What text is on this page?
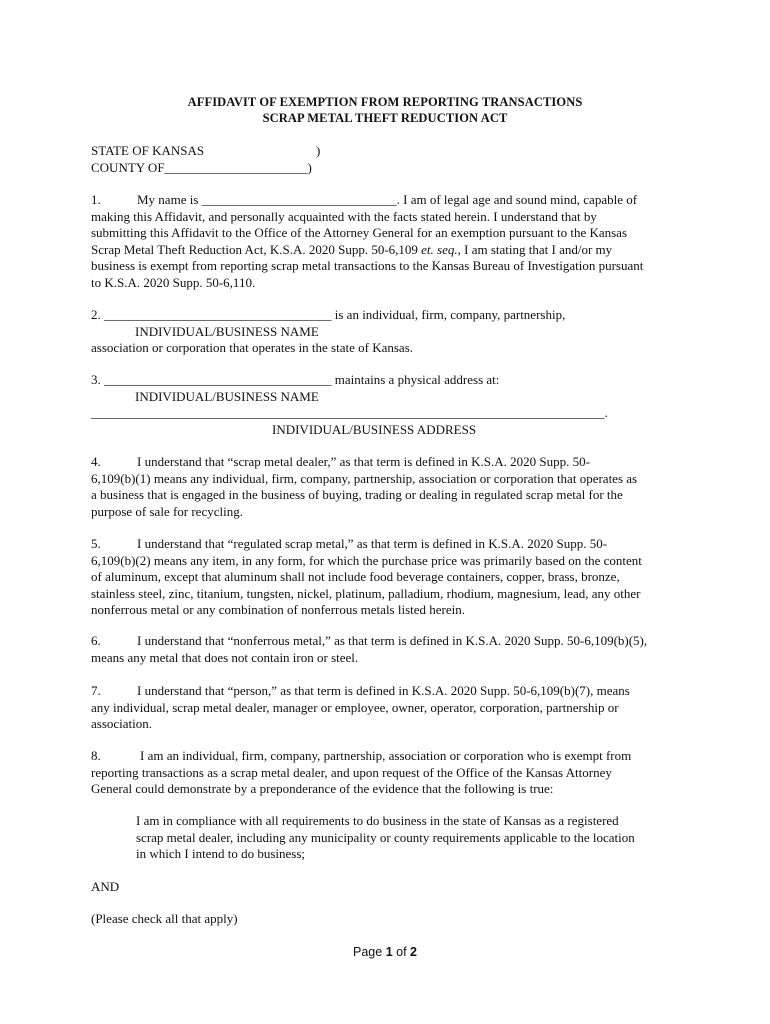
AFFIDAVIT OF EXEMPTION FROM REPORTING TRANSACTIONS
SCRAP METAL THEFT REDUCTION ACT
STATE OF KANSAS	)
COUNTY OF______________________)
1.	My name is ______________________________. I am of legal age and sound mind, capable of
making this Affidavit, and personally acquainted with the facts stated herein. I understand that by
submitting this Affidavit to the Office of the Attorney General for an exemption pursuant to the Kansas
Scrap Metal Theft Reduction Act, K.S.A. 2020 Supp. 50-6,109 et. seq., I am stating that I and/or my
business is exempt from reporting scrap metal transactions to the Kansas Bureau of Investigation pursuant
to K.S.A. 2020 Supp. 50-6,110.
2. ___________________________________ is an individual, firm, company, partnership,
INDIVIDUAL/BUSINESS NAME
association or corporation that operates in the state of Kansas.
3. ___________________________________ maintains a physical address at:
INDIVIDUAL/BUSINESS NAME
_______________________________________________________________________________.
INDIVIDUAL/BUSINESS ADDRESS
4.	I understand that “scrap metal dealer,” as that term is defined in K.S.A. 2020 Supp. 50-
6,109(b)(1) means any individual, firm, company, partnership, association or corporation that operates as
a business that is engaged in the business of buying, trading or dealing in regulated scrap metal for the
purpose of sale for recycling.
5.	I understand that “regulated scrap metal,” as that term is defined in K.S.A. 2020 Supp. 50-
6,109(b)(2) means any item, in any form, for which the purchase price was primarily based on the content
of aluminum, except that aluminum shall not include food beverage containers, copper, brass, bronze,
stainless steel, zinc, titanium, tungsten, nickel, platinum, palladium, rhodium, magnesium, lead, any other
nonferrous metal or any combination of nonferrous metals listed herein.
6.	I understand that “nonferrous metal,” as that term is defined in K.S.A. 2020 Supp. 50-6,109(b)(5),
means any metal that does not contain iron or steel.
7.	I understand that “person,” as that term is defined in K.S.A. 2020 Supp. 50-6,109(b)(7), means
any individual, scrap metal dealer, manager or employee, owner, operator, corporation, partnership or
association.
8.	I am an individual, firm, company, partnership, association or corporation who is exempt from
reporting transactions as a scrap metal dealer, and upon request of the Office of the Kansas Attorney
General could demonstrate by a preponderance of the evidence that the following is true:
I am in compliance with all requirements to do business in the state of Kansas as a registered
scrap metal dealer, including any municipality or county requirements applicable to the location
in which I intend to do business;
AND
(Please check all that apply)
Page 1 of 2
